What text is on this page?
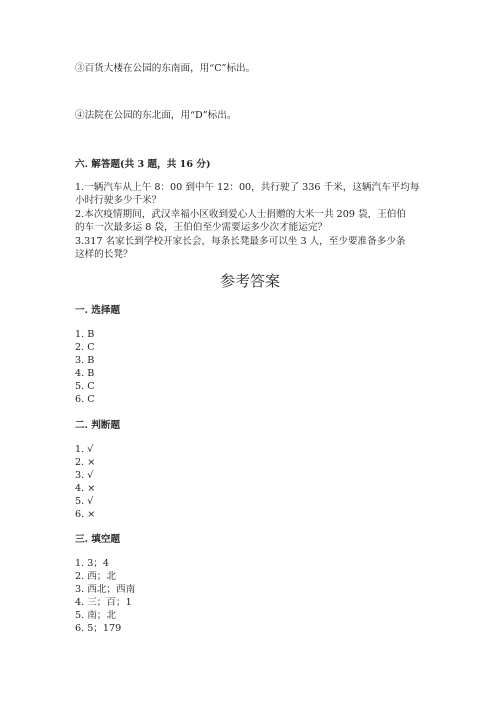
③百货大楼在公园的东南面，用“C”标出。
④法院在公园的东北面，用“D”标出。
六. 解答题(共 3 题，共 16 分)
1.一辆汽车从上午 8：00 到中午 12：00，共行驶了 336 千米，这辆汽车平均每
小时行驶多少千米？
2.本次疫情期间，武汉幸福小区收到爱心人士捐赠的大米一共 209 袋，王伯伯
的车一次最多运 8 袋，王伯伯至少需要运多少次才能运完？
3.317 名家长到学校开家长会，每条长凳最多可以坐 3 人，至少要准备多少条
这样的长凳？
参考答案
一. 选择题
1. B
2. C
3. B
4. B
5. C
6. C
二. 判断题
1. √
2. ×
3. √
4. ×
5. √
6. ×
三. 填空题
1. 3；4
2. 西；北
3. 西北；西南
4. 三；百；1
5. 南；北
6. 5；179
